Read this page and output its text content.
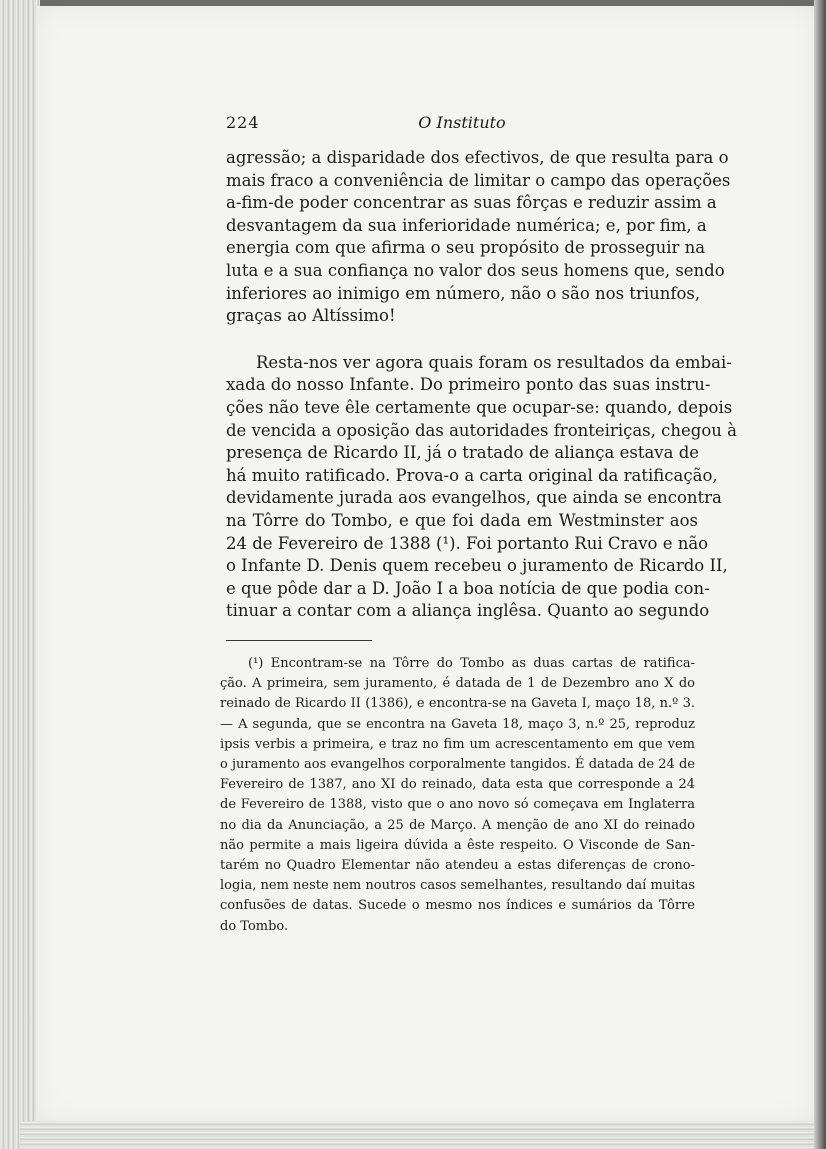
224	O Instituto
agressão; a disparidade dos efectivos, de que resulta para o
mais fraco a conveniência de limitar o campo das operações
a-fim-de poder concentrar as suas fôrças e reduzir assim a
desvantagem da sua inferioridade numérica; e, por fim, a
energia com que afirma o seu propósito de prosseguir na
luta e a sua confiança no valor dos seus homens que, sendo
inferiores ao inimigo em número, não o são nos triunfos,
graças ao Altíssimo!
Resta-nos ver agora quais foram os resultados da embai-
xada do nosso Infante. Do primeiro ponto das suas instru-
ções não teve êle certamente que ocupar-se: quando, depois
de vencida a oposição das autoridades fronteiriças, chegou à
presença de Ricardo II, já o tratado de aliança estava de
há muito ratificado. Prova-o a carta original da ratificação,
devidamente jurada aos evangelhos, que ainda se encontra
na Tôrre do Tombo, e que foi dada em Westminster aos
24 de Fevereiro de 1388 (¹). Foi portanto Rui Cravo e não
o Infante D. Denis quem recebeu o juramento de Ricardo II,
e que pôde dar a D. João I a boa notícia de que podia con-
tinuar a contar com a aliança inglêsa. Quanto ao segundo
(¹) Encontram-se na Tôrre do Tombo as duas cartas de ratifica-
ção. A primeira, sem juramento, é datada de 1 de Dezembro ano X do
reinado de Ricardo II (1386), e encontra-se na Gaveta I, maço 18, n.º 3.
— A segunda, que se encontra na Gaveta 18, maço 3, n.º 25, reproduz
ipsis verbis a primeira, e traz no fim um acrescentamento em que vem
o juramento aos evangelhos corporalmente tangidos. É datada de 24 de
Fevereiro de 1387, ano XI do reinado, data esta que corresponde a 24
de Fevereiro de 1388, visto que o ano novo só começava em Inglaterra
no dia da Anunciação, a 25 de Março. A menção de ano XI do reinado
não permite a mais ligeira dúvida a êste respeito. O Visconde de San-
tarém no Quadro Elementar não atendeu a estas diferenças de crono-
logia, nem neste nem noutros casos semelhantes, resultando daí muitas
confusões de datas. Sucede o mesmo nos índices e sumários da Tôrre
do Tombo.
